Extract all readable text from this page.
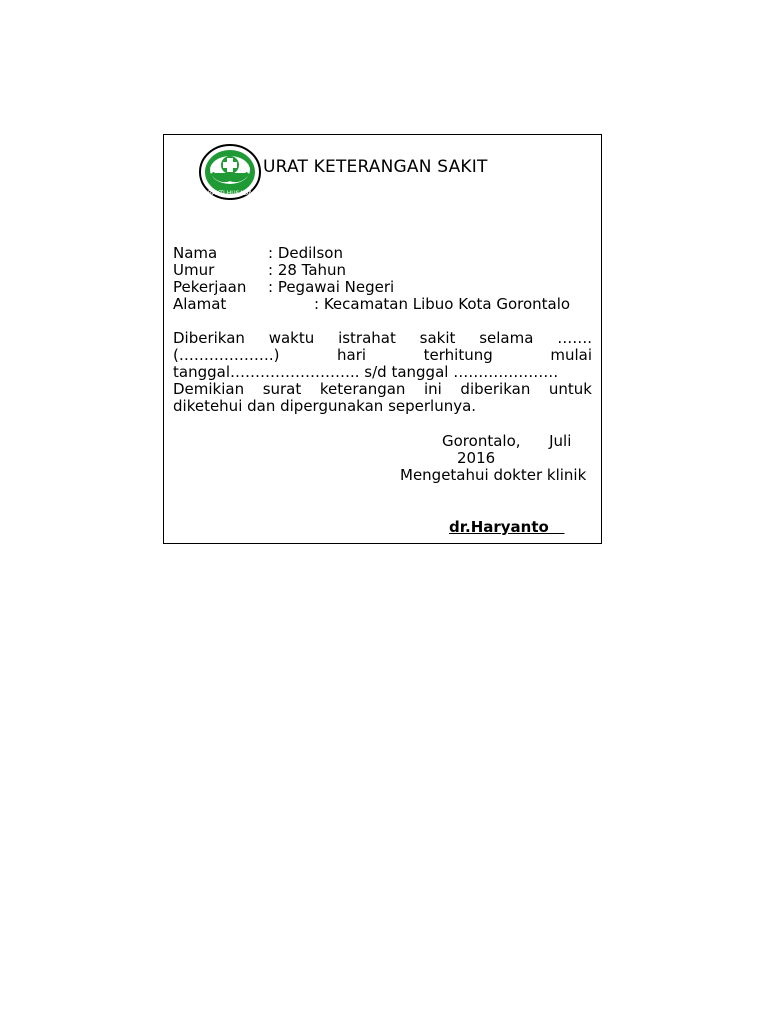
BAKTI HUSADA
URAT KETERANGAN SAKIT
Nama	: Dedilson
Umur	: 28 Tahun
Pekerjaan : Pegawai Negeri
Alamat	: Kecamatan Libuo Kota Gorontalo
Diberikan waktu istrahat sakit selama …….
(……………….) hari terhitung mulai
tanggal…………………….. s/d tanggal …………………
Demikian surat keterangan ini diberikan untuk
diketehui dan dipergunakan seperlunya.
Gorontalo,      Juli
2016
Mengetahui dokter klinik
dr.Haryanto
